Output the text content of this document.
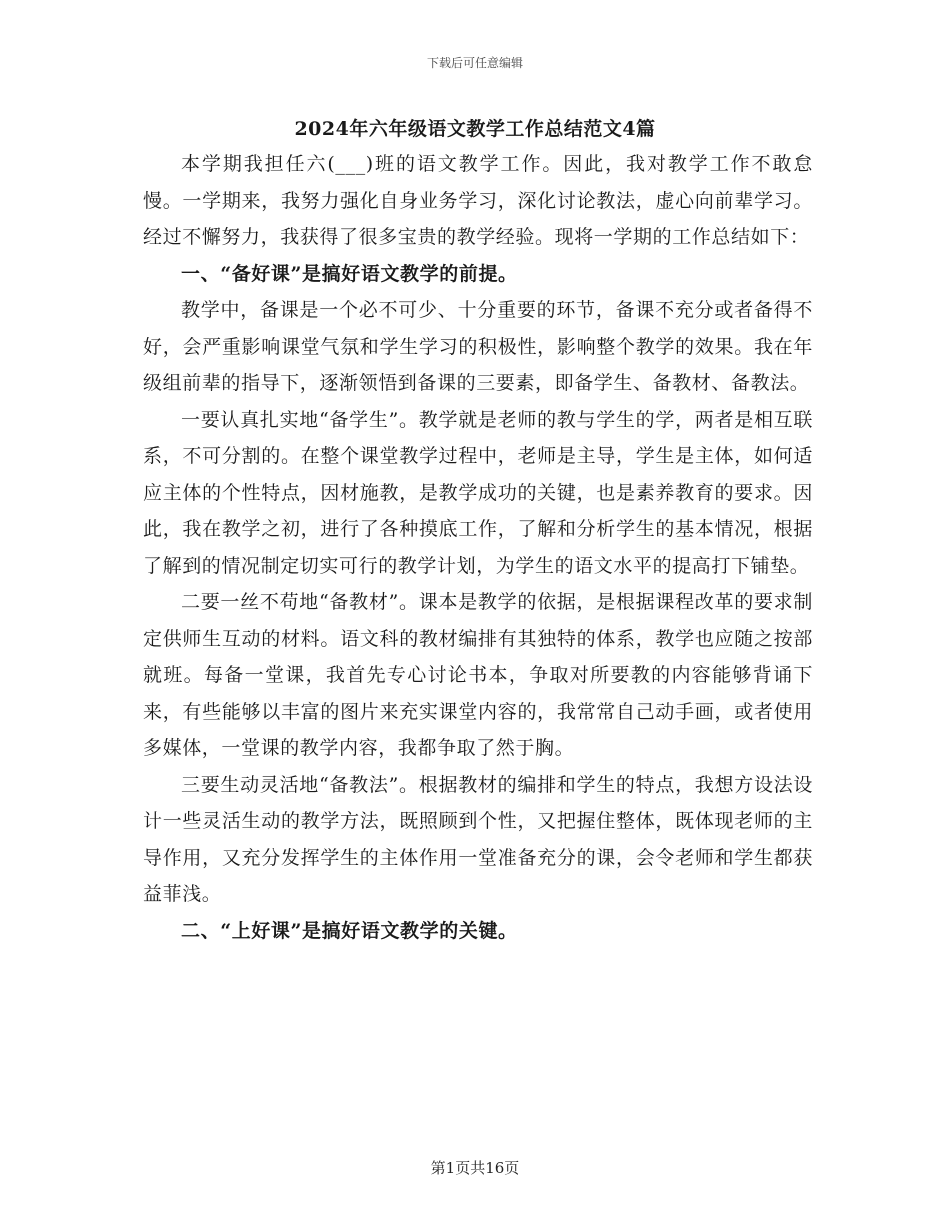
下载后可任意编辑
2024年六年级语文教学工作总结范文4篇

本学期我担任六(___)班的语文教学工作。因此，我对教学工作不敢怠慢。一学期来，我努力强化自身业务学习，深化讨论教法，虚心向前辈学习。经过不懈努力，我获得了很多宝贵的教学经验。现将一学期的工作总结如下：

一、“备好课”是搞好语文教学的前提。

教学中，备课是一个必不可少、十分重要的环节，备课不充分或者备得不好，会严重影响课堂气氛和学生学习的积极性，影响整个教学的效果。我在年级组前辈的指导下，逐渐领悟到备课的三要素，即备学生、备教材、备教法。

一要认真扎实地“备学生”。教学就是老师的教与学生的学，两者是相互联系，不可分割的。在整个课堂教学过程中，老师是主导，学生是主体，如何适应主体的个性特点，因材施教，是教学成功的关键，也是素养教育的要求。因此，我在教学之初，进行了各种摸底工作，了解和分析学生的基本情况，根据了解到的情况制定切实可行的教学计划，为学生的语文水平的提高打下铺垫。

二要一丝不苟地“备教材”。课本是教学的依据，是根据课程改革的要求制定供师生互动的材料。语文科的教材编排有其独特的体系，教学也应随之按部就班。每备一堂课，我首先专心讨论书本，争取对所要教的内容能够背诵下来，有些能够以丰富的图片来充实课堂内容的，我常常自己动手画，或者使用多媒体，一堂课的教学内容，我都争取了然于胸。

三要生动灵活地“备教法”。根据教材的编排和学生的特点，我想方设法设计一些灵活生动的教学方法，既照顾到个性，又把握住整体，既体现老师的主导作用，又充分发挥学生的主体作用一堂准备充分的课，会令老师和学生都获益菲浅。

二、“上好课”是搞好语文教学的关键。

第1页共16页
